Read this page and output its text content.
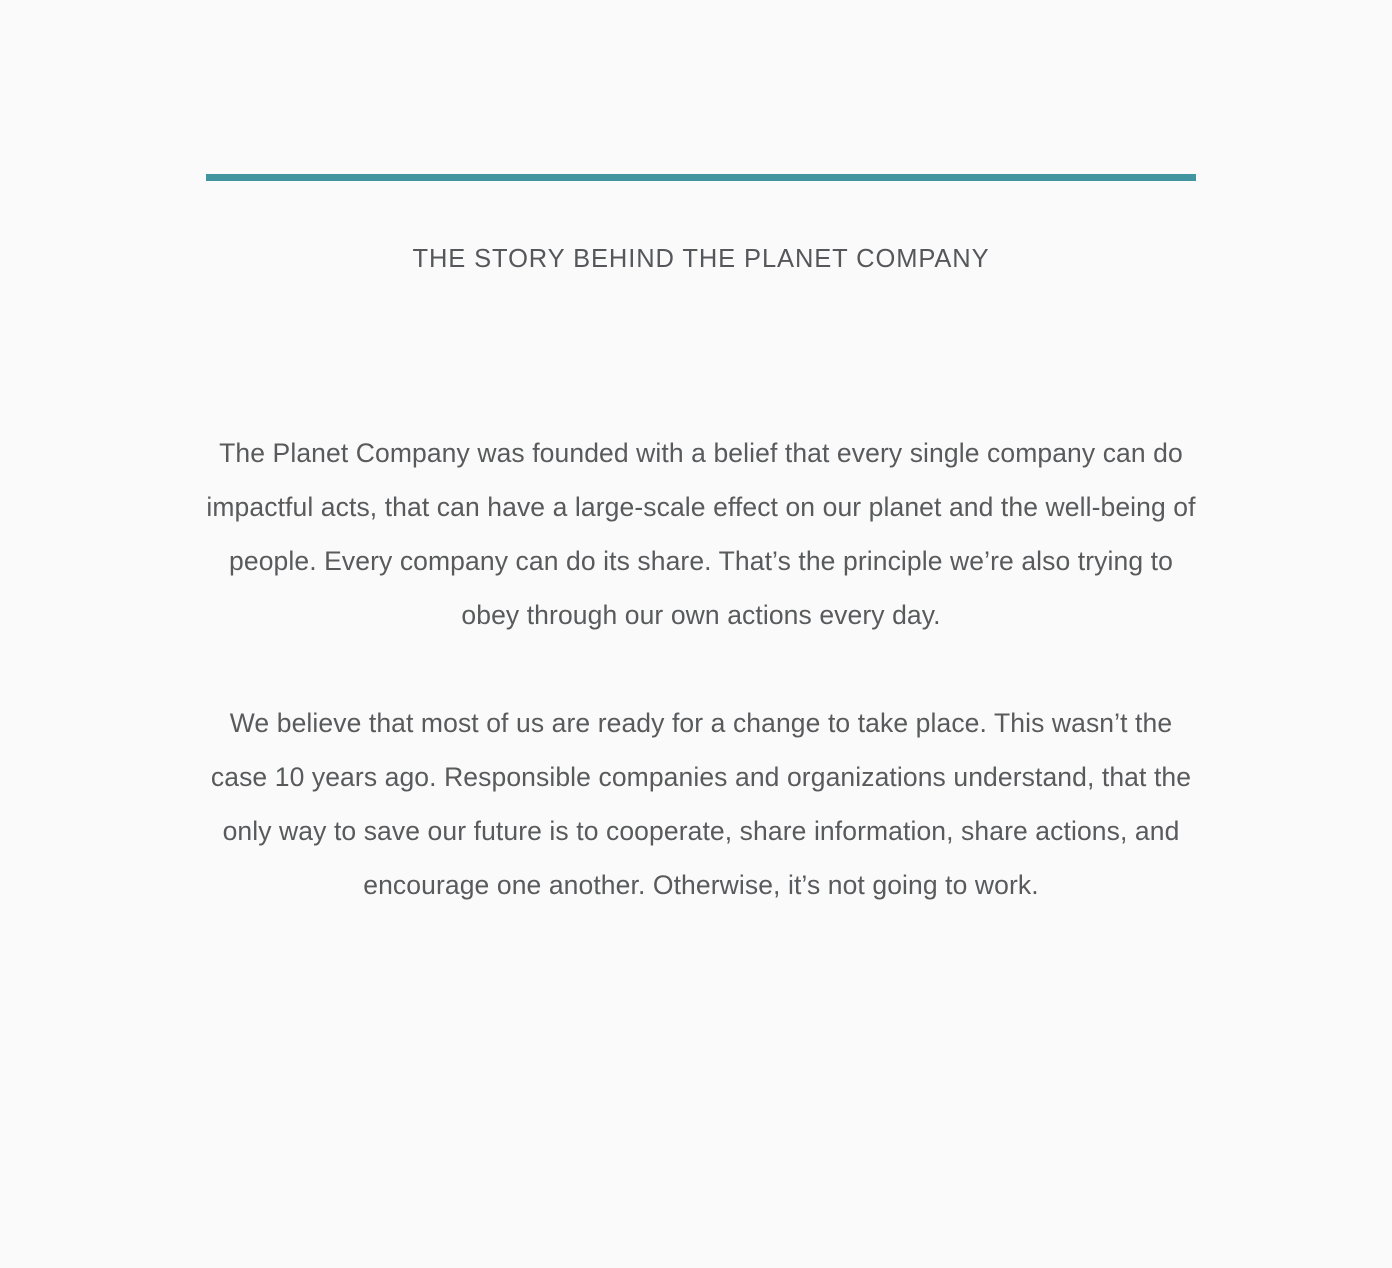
THE STORY BEHIND THE PLANET COMPANY

The Planet Company was founded with a belief that every single company can do impactful acts, that can have a large-scale effect on our planet and the well-being of people. Every company can do its share. That’s the principle we’re also trying to obey through our own actions every day.

We believe that most of us are ready for a change to take place. This wasn’t the case 10 years ago. Responsible companies and organizations understand, that the only way to save our future is to cooperate, share information, share actions, and encourage one another. Otherwise, it’s not going to work.
